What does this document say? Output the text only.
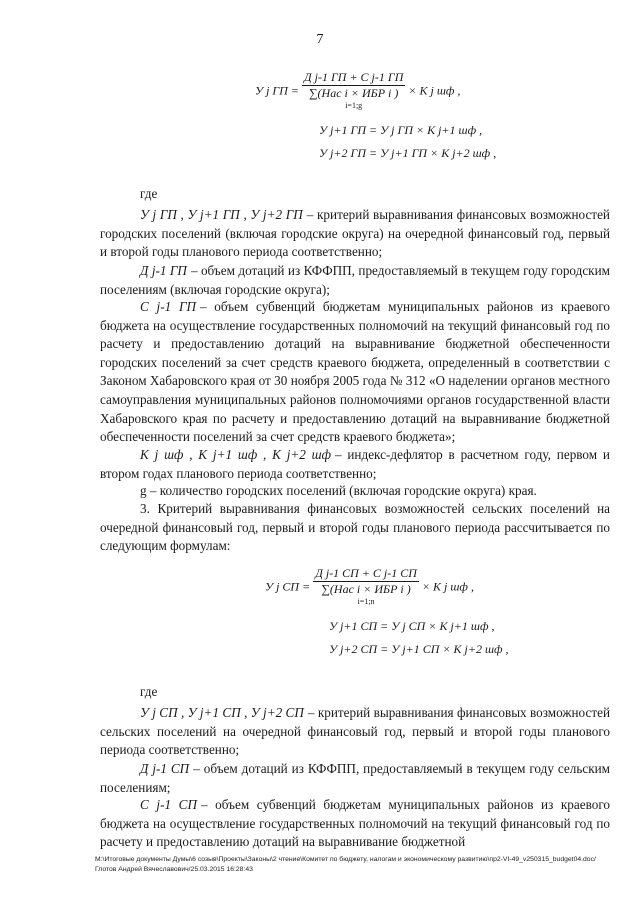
7
У j ГП =
Д j-1 ГП + С j-1 ГП
∑(Нас i × ИБР i )
i=1;g
× K j шф ,
У j+1 ГП = У j ГП × K j+1 шф ,
У j+2 ГП = У j+1 ГП × K j+2 шф ,
где
У j ГП , У j+1 ГП , У j+2 ГП – критерий выравнивания финансовых возможностей городских поселений (включая городские округа) на очередной финансовый год, первый и второй годы планового периода соответственно;
Д j-1 ГП – объем дотаций из КФФПП, предоставляемый в текущем году городским поселениям (включая городские округа);
С j-1 ГП – объем субвенций бюджетам муниципальных районов из краевого бюджета на осуществление государственных полномочий на текущий финансовый год по расчету и предоставлению дотаций на выравнивание бюджетной обеспеченности городских поселений за счет средств краевого бюджета, определенный в соответствии с Законом Хабаровского края от 30 ноября 2005 года № 312 «О наделении органов местного самоуправления муниципальных районов полномочиями органов государственной власти Хабаровского края по расчету и предоставлению дотаций на выравнивание бюджетной обеспеченности поселений за счет средств краевого бюджета»;
K j шф , K j+1 шф , K j+2 шф – индекс-дефлятор в расчетном году, первом и втором годах планового периода соответственно;
g – количество городских поселений (включая городские округа) края.
3. Критерий выравнивания финансовых возможностей сельских поселений на очередной финансовый год, первый и второй годы планового периода рассчитывается по следующим формулам:
У j СП =
Д j-1 СП + С j-1 СП
∑(Нас i × ИБР i )
i=1;n
× K j шф ,
У j+1 СП = У j СП × K j+1 шф ,
У j+2 СП = У j+1 СП × K j+2 шф ,
где
У j СП , У j+1 СП , У j+2 СП – критерий выравнивания финансовых возможностей сельских поселений на очередной финансовый год, первый и второй годы планового периода соответственно;
Д j-1 СП – объем дотаций из КФФПП, предоставляемый в текущем году сельским поселениям;
С j-1 СП – объем субвенций бюджетам муниципальных районов из краевого бюджета на осуществление государственных полномочий на текущий финансовый год по расчету и предоставлению дотаций на выравнивание бюджетной
М:\Итоговые документы Думы\6 созыв\Проекты\Законы\2 чтение\Комитет по бюджету, налогам и экономическому развитию\пр2-VI-49_v250315_budget04.doc/Глотов Андрей Вячеславович/25.03.2015 16:28:43
